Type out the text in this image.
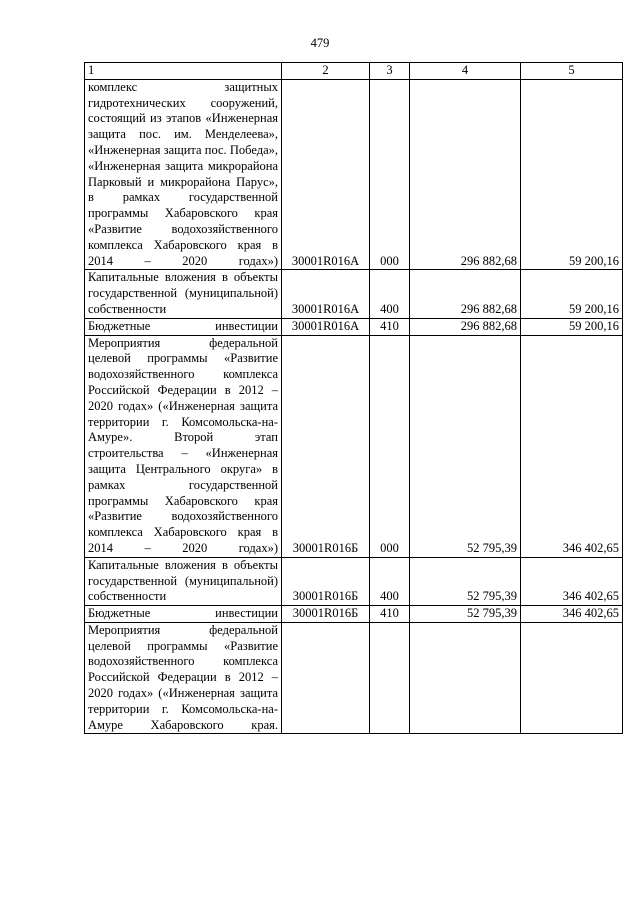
479
1	2	3	4	5

комплекс защитных гидротехнических сооружений, состоящий из этапов «Инженерная защита пос. им. Менделеева», «Инженерная защита пос. Победа», «Инженерная защита микрорайона Парковый и микрорайона Парус», в рамках государственной программы Хабаровского края «Развитие водохозяйственного комплекса Хабаровского края в 2014 – 2020 годах»)	30001R016A	000	296 882,68	59 200,16

Капитальные вложения в объекты государственной (муниципальной) собственности	30001R016A	400	296 882,68	59 200,16

Бюджетные инвестиции	30001R016A	410	296 882,68	59 200,16

Мероприятия федеральной целевой программы «Развитие водохозяйственного комплекса Российской Федерации в 2012 – 2020 годах» («Инженерная защита территории г. Комсомольска-на-Амуре». Второй этап строительства – «Инженерная защита Центрального округа» в рамках государственной программы Хабаровского края «Развитие водохозяйственного комплекса Хабаровского края в 2014 – 2020 годах»)	30001R016Б	000	52 795,39	346 402,65

Капитальные вложения в объекты государственной (муниципальной) собственности	30001R016Б	400	52 795,39	346 402,65

Бюджетные инвестиции	30001R016Б	410	52 795,39	346 402,65

Мероприятия федеральной целевой программы «Развитие водохозяйственного комплекса Российской Федерации в 2012 – 2020 годах» («Инженерная защита территории г. Комсомольска-на-Амуре Хабаровского края.				
